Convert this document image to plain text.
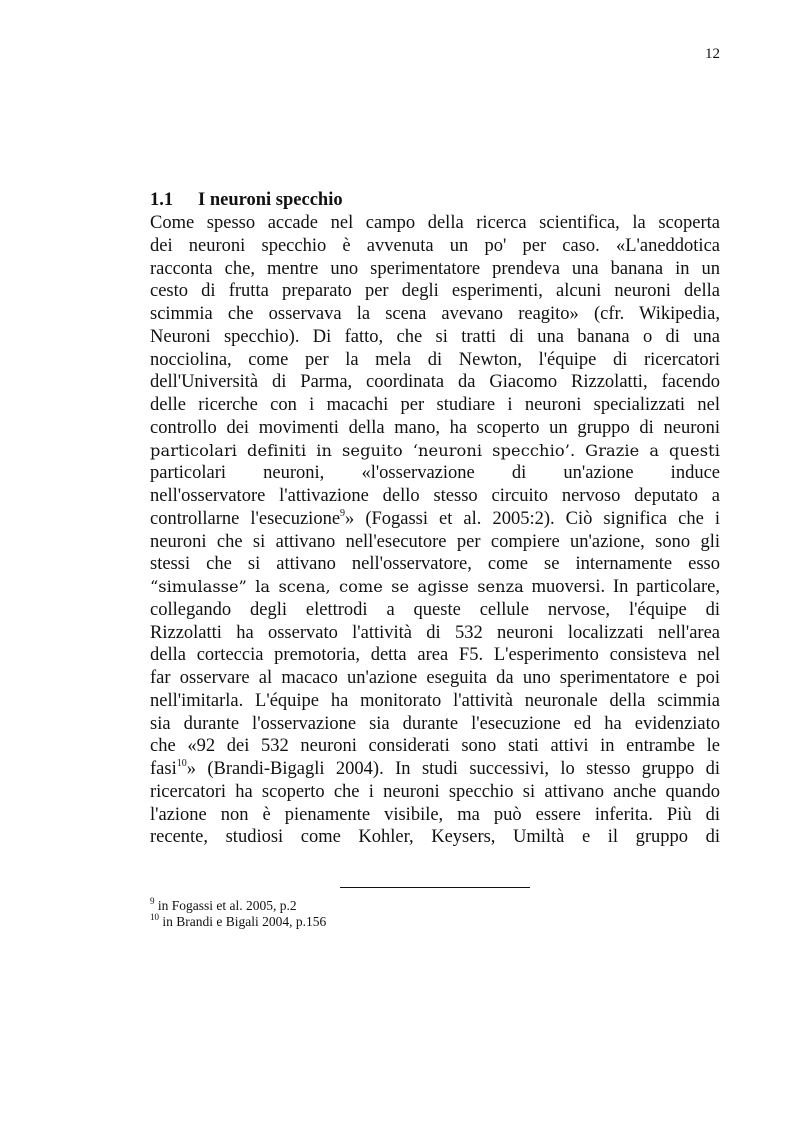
12
1.1 I neuroni specchio
Come spesso accade nel campo della ricerca scientifica, la scoperta
dei neuroni specchio è avvenuta un po' per caso. «L'aneddotica
racconta che, mentre uno sperimentatore prendeva una banana in un
cesto di frutta preparato per degli esperimenti, alcuni neuroni della
scimmia che osservava la scena avevano reagito» (cfr. Wikipedia,
Neuroni specchio). Di fatto, che si tratti di una banana o di una
nocciolina, come per la mela di Newton, l'équipe di ricercatori
dell'Università di Parma, coordinata da Giacomo Rizzolatti, facendo
delle ricerche con i macachi per studiare i neuroni specializzati nel
controllo dei movimenti della mano, ha scoperto un gruppo di neuroni
particolari definiti in seguito ‘neuroni specchio’. Grazie a questi
particolari neuroni, «l'osservazione di un'azione induce
nell'osservatore l'attivazione dello stesso circuito nervoso deputato a
controllarne l'esecuzione$^9$» (Fogassi et al. 2005:2). Ciò significa che i
neuroni che si attivano nell'esecutore per compiere un'azione, sono gli
stessi che si attivano nell'osservatore, come se internamente esso
“simulasse” la scena, come se agisse senza muoversi. In particolare,
collegando degli elettrodi a queste cellule nervose, l'équipe di
Rizzolatti ha osservato l'attività di 532 neuroni localizzati nell'area
della corteccia premotoria, detta area F5. L'esperimento consisteva nel
far osservare al macaco un'azione eseguita da uno sperimentatore e poi
nell'imitarla. L'équipe ha monitorato l'attività neuronale della scimmia
sia durante l'osservazione sia durante l'esecuzione ed ha evidenziato
che «92 dei 532 neuroni considerati sono stati attivi in entrambe le
fasi$^{10}$» (Brandi-Bigagli 2004). In studi successivi, lo stesso gruppo di
ricercatori ha scoperto che i neuroni specchio si attivano anche quando
l'azione non è pienamente visibile, ma può essere inferita. Più di
recente, studiosi come Kohler, Keysers, Umiltà e il gruppo di
$^9$ in Fogassi et al. 2005, p.2
$^{10}$ in Brandi e Bigali 2004, p.156
